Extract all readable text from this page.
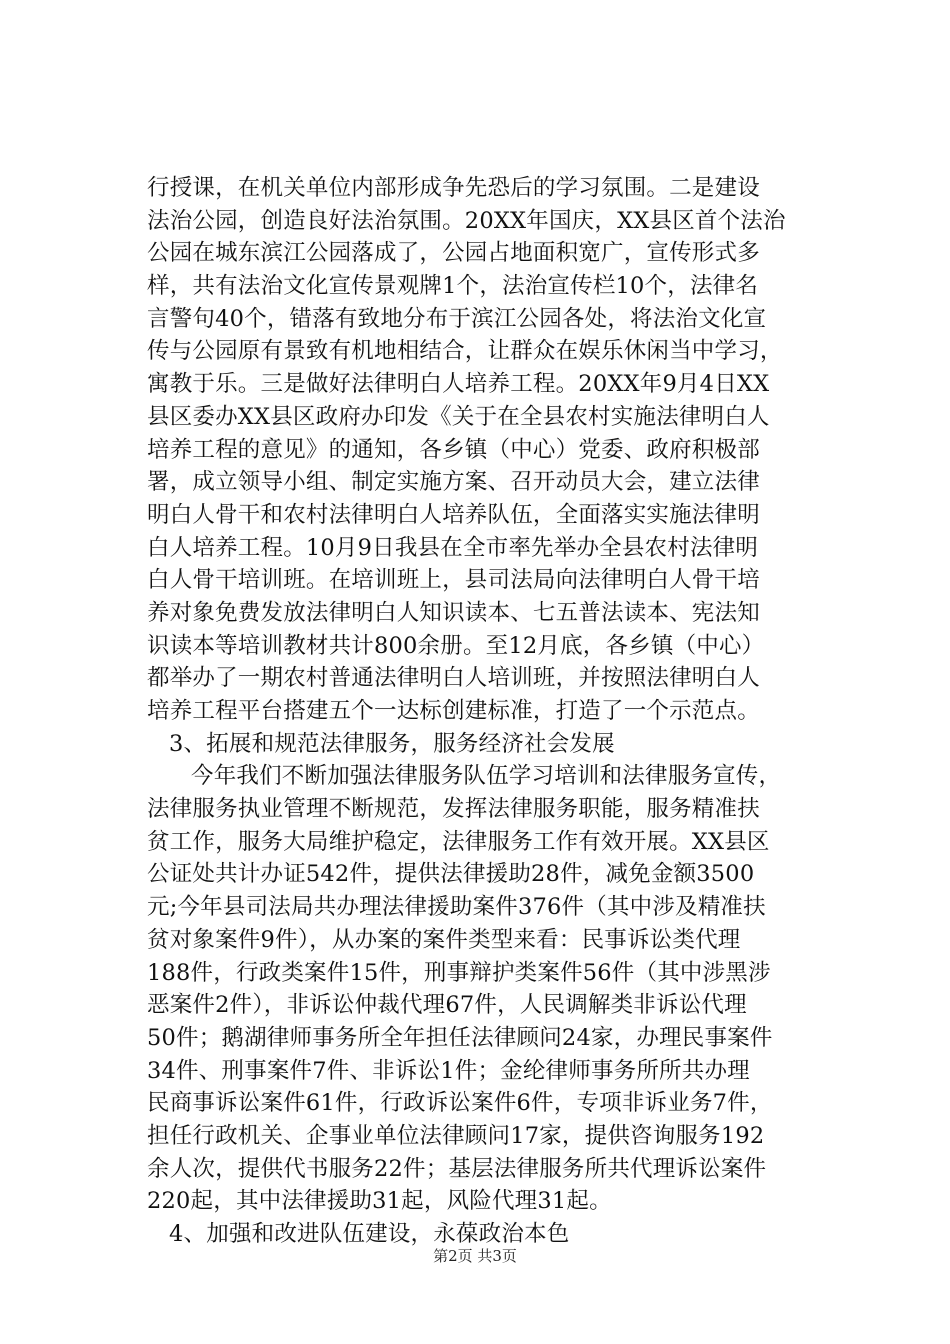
行授课，在机关单位内部形成争先恐后的学习氛围。二是建设
法治公园，创造良好法治氛围。20XX年国庆，XX县区首个法治
公园在城东滨江公园落成了，公园占地面积宽广，宣传形式多
样，共有法治文化宣传景观牌1个，法治宣传栏10个，法律名
言警句40个，错落有致地分布于滨江公园各处，将法治文化宣
传与公园原有景致有机地相结合，让群众在娱乐休闲当中学习，
寓教于乐。三是做好法律明白人培养工程。20XX年9月4日XX
县区委办XX县区政府办印发《关于在全县农村实施法律明白人
培养工程的意见》的通知，各乡镇（中心）党委、政府积极部
署，成立领导小组、制定实施方案、召开动员大会，建立法律
明白人骨干和农村法律明白人培养队伍，全面落实实施法律明
白人培养工程。10月9日我县在全市率先举办全县农村法律明
白人骨干培训班。在培训班上，县司法局向法律明白人骨干培
养对象免费发放法律明白人知识读本、七五普法读本、宪法知
识读本等培训教材共计800余册。至12月底，各乡镇（中心）
都举办了一期农村普通法律明白人培训班，并按照法律明白人
培养工程平台搭建五个一达标创建标准，打造了一个示范点。
3、拓展和规范法律服务，服务经济社会发展
今年我们不断加强法律服务队伍学习培训和法律服务宣传，
法律服务执业管理不断规范，发挥法律服务职能，服务精准扶
贫工作，服务大局维护稳定，法律服务工作有效开展。XX县区
公证处共计办证542件，提供法律援助28件，减免金额3500
元;今年县司法局共办理法律援助案件376件（其中涉及精准扶
贫对象案件9件），从办案的案件类型来看：民事诉讼类代理
188件，行政类案件15件，刑事辩护类案件56件（其中涉黑涉
恶案件2件），非诉讼仲裁代理67件，人民调解类非诉讼代理
50件；鹅湖律师事务所全年担任法律顾问24家，办理民事案件
34件、刑事案件7件、非诉讼1件；金纶律师事务所所共办理
民商事诉讼案件61件，行政诉讼案件6件，专项非诉业务7件，
担任行政机关、企事业单位法律顾问17家，提供咨询服务192
余人次，提供代书服务22件；基层法律服务所共代理诉讼案件
220起，其中法律援助31起，风险代理31起。
4、加强和改进队伍建设，永葆政治本色
第2页 共3页
